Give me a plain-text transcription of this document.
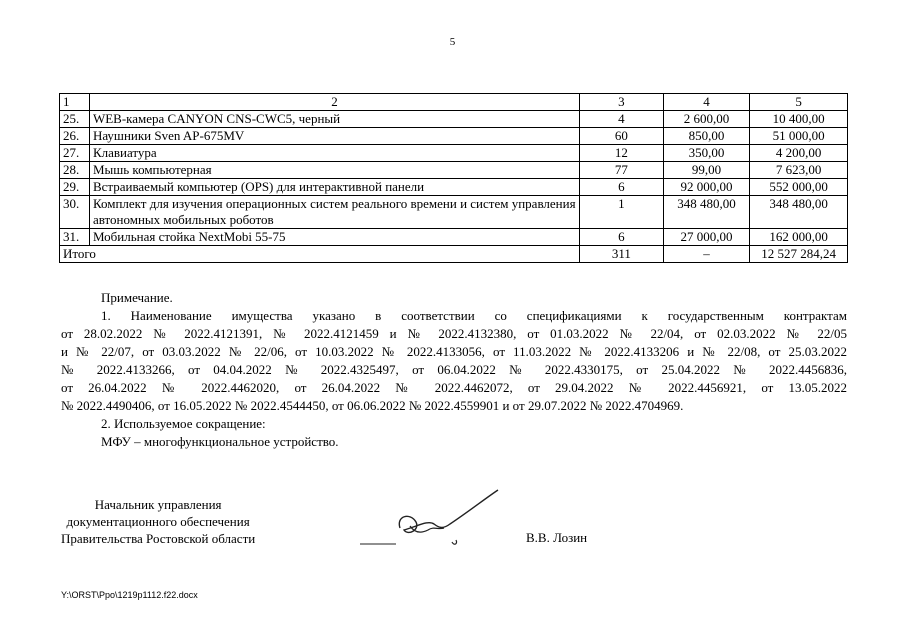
5
1	2	3	4	5
25.	WEB-камера CANYON CNS-CWC5, черный	4	2 600,00	10 400,00
26.	Наушники Sven AP-675MV	60	850,00	51 000,00
27.	Клавиатура	12	350,00	4 200,00
28.	Мышь компьютерная	77	99,00	7 623,00
29.	Встраиваемый компьютер (OPS) для интерактивной панели	6	92 000,00	552 000,00
30.	Комплект для изучения операционных систем реального времени и систем управления автономных мобильных роботов	1	348 480,00	348 480,00
31.	Мобильная стойка NextMobi 55-75	6	27 000,00	162 000,00
Итого		311	–	12 527 284,24

Примечание.

1. Наименование имущества указано в соответствии со спецификациями к государственным контрактам

от 28.02.2022 № 2022.4121391, № 2022.4121459 и № 2022.4132380, от 01.03.2022 № 22/04, от 02.03.2022 № 22/05

и № 22/07, от 03.03.2022 № 22/06, от 10.03.2022 № 2022.4133056, от 11.03.2022 № 2022.4133206 и № 22/08, от 25.03.2022

№ 2022.4133266, от 04.04.2022 № 2022.4325497, от 06.04.2022 № 2022.4330175, от 25.04.2022 № 2022.4456836,

от 26.04.2022 № 2022.4462020, от 26.04.2022 № 2022.4462072, от 29.04.2022 № 2022.4456921, от 13.05.2022

№ 2022.4490406, от 16.05.2022 № 2022.4544450, от 06.06.2022 № 2022.4559901 и от 29.07.2022 № 2022.4704969.

2. Используемое сокращение:

МФУ – многофункциональное устройство.

Начальник управления
документационного обеспечения
Правительства Ростовской области	В.В. Лозин
Y:\ORST\Ppo\1219p1112.f22.docx
